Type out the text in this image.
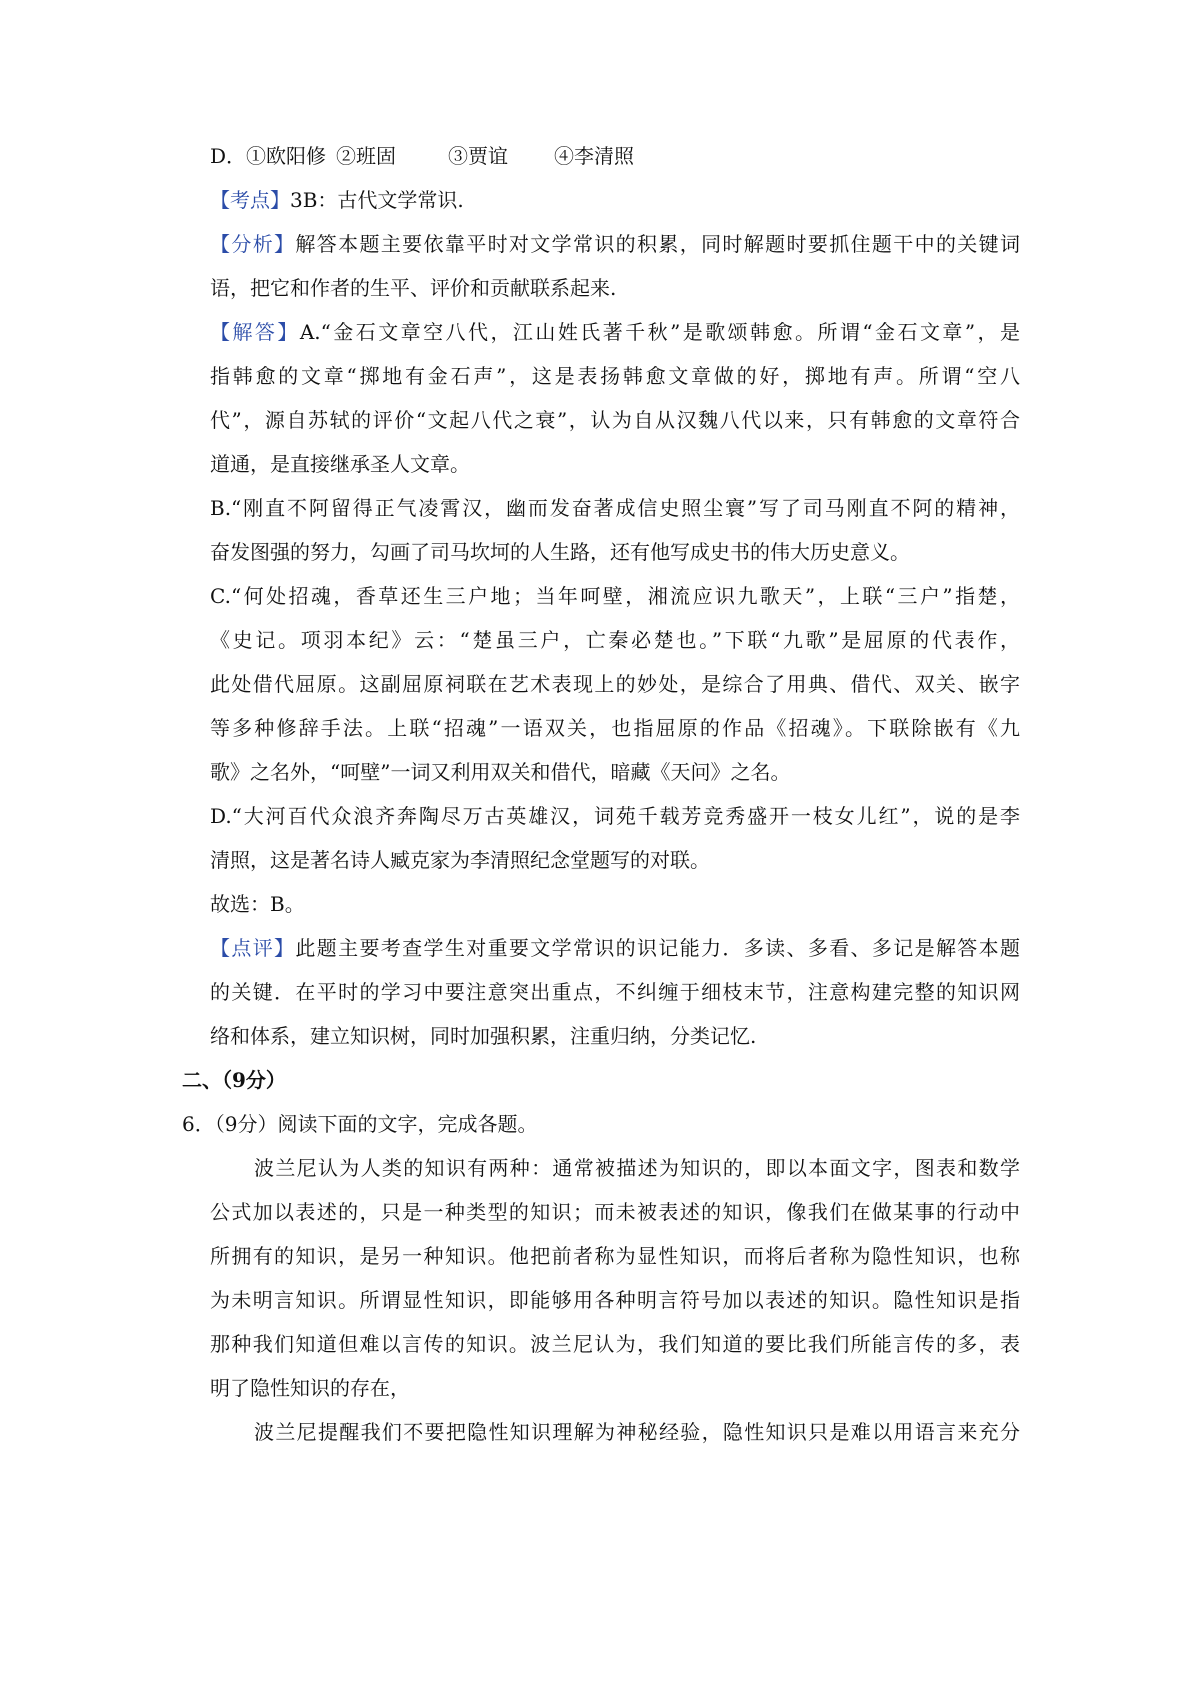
D．①欧阳修 ②班固	③贾谊 ④李清照
【考点】3B：古代文学常识.
【分析】解答本题主要依靠平时对文学常识的积累，同时解题时要抓住题干中的关键词
语，把它和作者的生平、评价和贡献联系起来.
【解答】A.“金石文章空八代，江山姓氏著千秋”是歌颂韩愈。所谓“金石文章”，是
指韩愈的文章“掷地有金石声”，这是表扬韩愈文章做的好，掷地有声。所谓“空八
代”，源自苏轼的评价“文起八代之衰”，认为自从汉魏八代以来，只有韩愈的文章符合
道通，是直接继承圣人文章。
B.“刚直不阿留得正气凌霄汉，幽而发奋著成信史照尘寰”写了司马刚直不阿的精神，
奋发图强的努力，勾画了司马坎坷的人生路，还有他写成史书的伟大历史意义。
C.“何处招魂，香草还生三户地；当年呵壁，湘流应识九歌天”，上联“三户”指楚，
《史记。项羽本纪》云：“楚虽三户，亡秦必楚也。”下联“九歌”是屈原的代表作，
此处借代屈原。这副屈原祠联在艺术表现上的妙处，是综合了用典、借代、双关、嵌字
等多种修辞手法。上联“招魂”一语双关，也指屈原的作品《招魂》。下联除嵌有《九
歌》之名外，“呵壁”一词又利用双关和借代，暗藏《天问》之名。
D.“大河百代众浪齐奔陶尽万古英雄汉，词苑千载芳竞秀盛开一枝女儿红”，说的是李
清照，这是著名诗人臧克家为李清照纪念堂题写的对联。
故选：B。
【点评】此题主要考查学生对重要文学常识的识记能力．多读、多看、多记是解答本题
的关键．在平时的学习中要注意突出重点，不纠缠于细枝末节，注意构建完整的知识网
络和体系，建立知识树，同时加强积累，注重归纳，分类记忆.
二、（9分）
6．（9分）阅读下面的文字，完成各题。
波兰尼认为人类的知识有两种：通常被描述为知识的，即以本面文字，图表和数学
公式加以表述的，只是一种类型的知识；而未被表述的知识，像我们在做某事的行动中
所拥有的知识，是另一种知识。他把前者称为显性知识，而将后者称为隐性知识，也称
为未明言知识。所谓显性知识，即能够用各种明言符号加以表述的知识。隐性知识是指
那种我们知道但难以言传的知识。波兰尼认为，我们知道的要比我们所能言传的多，表
明了隐性知识的存在，
波兰尼提醒我们不要把隐性知识理解为神秘经验，隐性知识只是难以用语言来充分
